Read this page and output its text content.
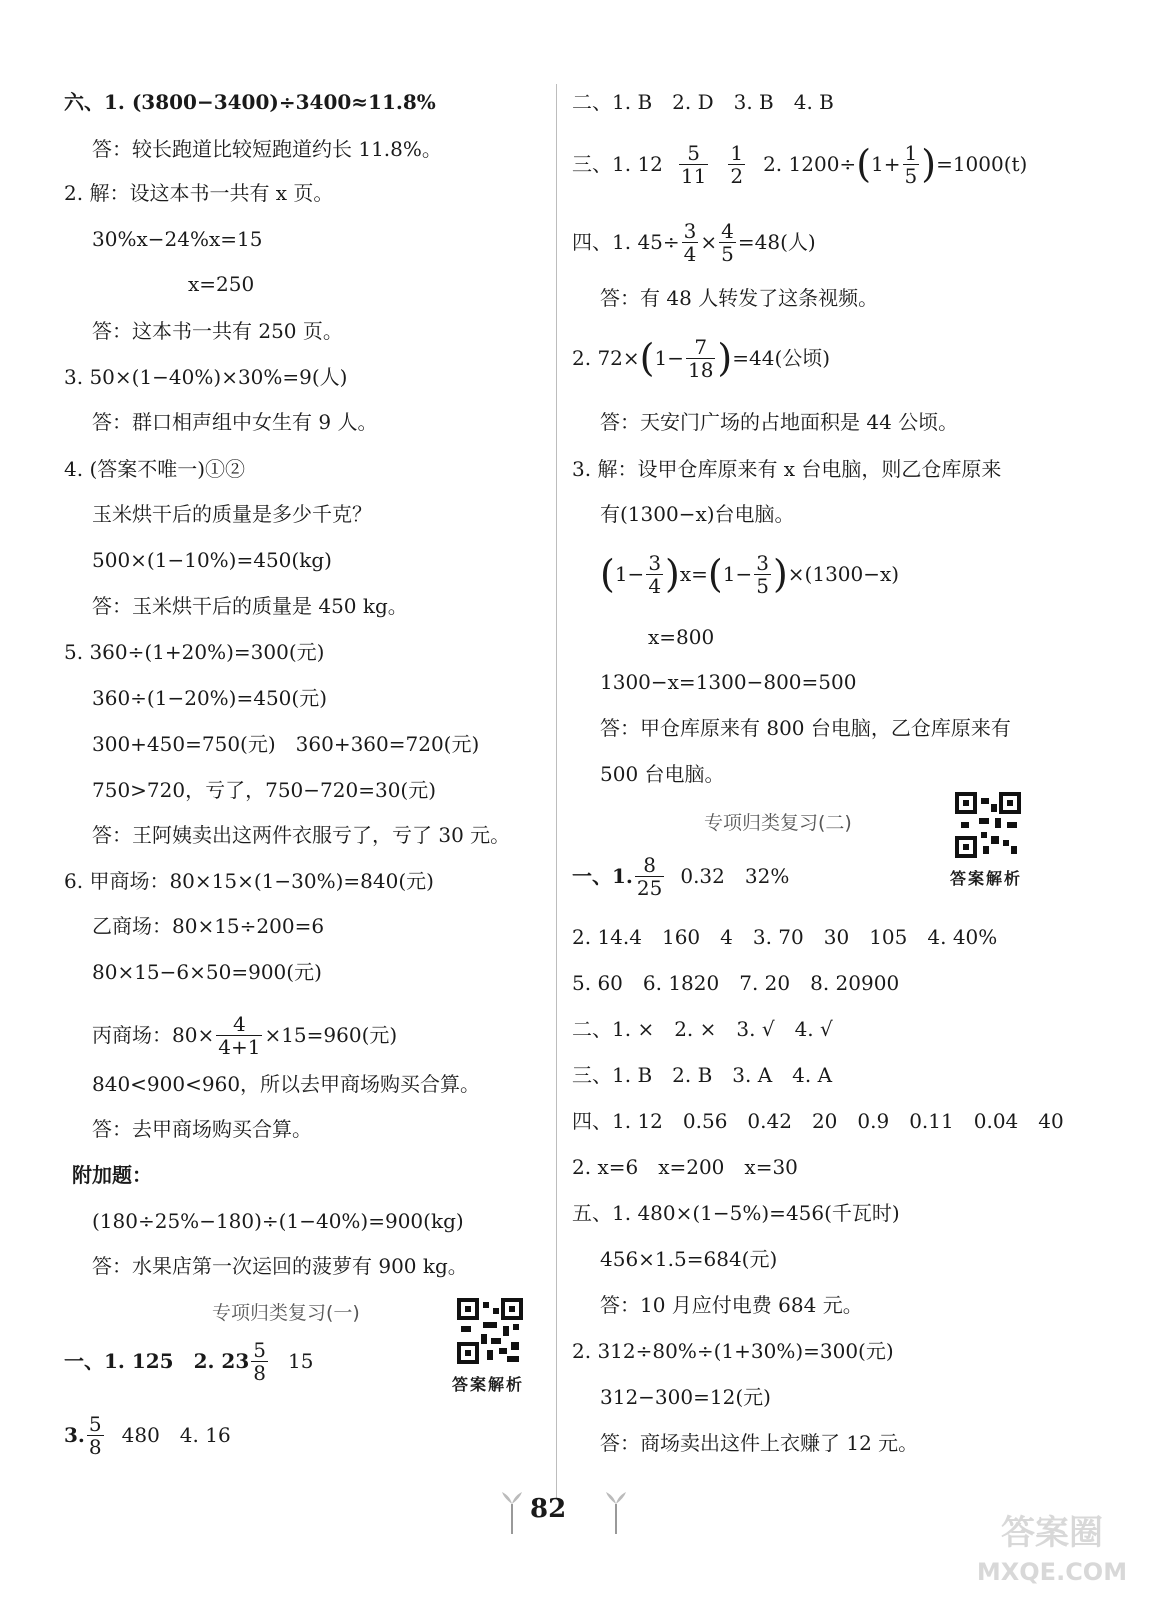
六、1. (3800−3400)÷3400≈11.8%
答：较长跑道比较短跑道约长 11.8%。
2. 解：设这本书一共有 x 页。
30%x−24%x=15
x=250
答：这本书一共有 250 页。
3. 50×(1−40%)×30%=9(人)
答：群口相声组中女生有 9 人。
4. (答案不唯一)①②
玉米烘干后的质量是多少千克？
500×(1−10%)=450(kg)
答：玉米烘干后的质量是 450 kg。
5. 360÷(1+20%)=300(元)
360÷(1−20%)=450(元)
300+450=750(元)　360+360=720(元)
750>720，亏了，750−720=30(元)
答：王阿姨卖出这两件衣服亏了，亏了 30 元。
6. 甲商场：80×15×(1−30%)=840(元)
乙商场：80×15÷200=6
80×15−6×50=900(元)
丙商场：$80\times \frac{4}{4+1} \times 15=960$(元)
840<900<960，所以去甲商场购买合算。
答：去甲商场购买合算。
附加题：
(180÷25%−180)÷(1−40%)=900(kg)
答：水果店第一次运回的菠萝有 900 kg。
专项归类复习(一)
答案解析
一、1. 125　2. $23 \frac{5}{8} 15$
3. $\frac{5}{8} 480$　4. 16
二、1. B　2. D　3. B　4. B
三、1. $12 \frac{5}{11} \frac{1}{2} 2$. 1200÷ ( $1+ \frac{1}{5}$ ) =1000(t)
四、1. $45\div \frac{3}{4} \times \frac{4}{5} =48$(人)
答：有 48 人转发了这条视频。
2. 72× ( $1- \frac{7}{18}$ ) =44(公顷)
答：天安门广场的占地面积是 44 公顷。
3. 解：设甲仓库原来有 x 台电脑，则乙仓库原来
有(1300−x)台电脑。
( $1- \frac{3}{4}$ ) x= ( $1- \frac{3}{5}$ ) ×(1300−x)
x=800
1300−x=1300−800=500
答：甲仓库原来有 800 台电脑，乙仓库原来有
500 台电脑。
专项归类复习(二)
答案解析
一、1. $\frac{8}{25} 0.32$　32%
2. 14.4　160　4　3. 70　30　105　4. 40%
5. 60　6. 1820　7. 20　8. 20900
二、1. ×　2. ×　3. √　4. √
三、1. B　2. B　3. A　4. A
四、1. 12　0.56　0.42　20　0.9　0.11　0.04　40
2. x=6　x=200　x=30
五、1. 480×(1−5%)=456(千瓦时)
456×1.5=684(元)
答：10 月应付电费 684 元。
2. 312÷80%÷(1+30%)=300(元)
312−300=12(元)
答：商场卖出这件上衣赚了 12 元。
82
答案圈
MXQE.COM
